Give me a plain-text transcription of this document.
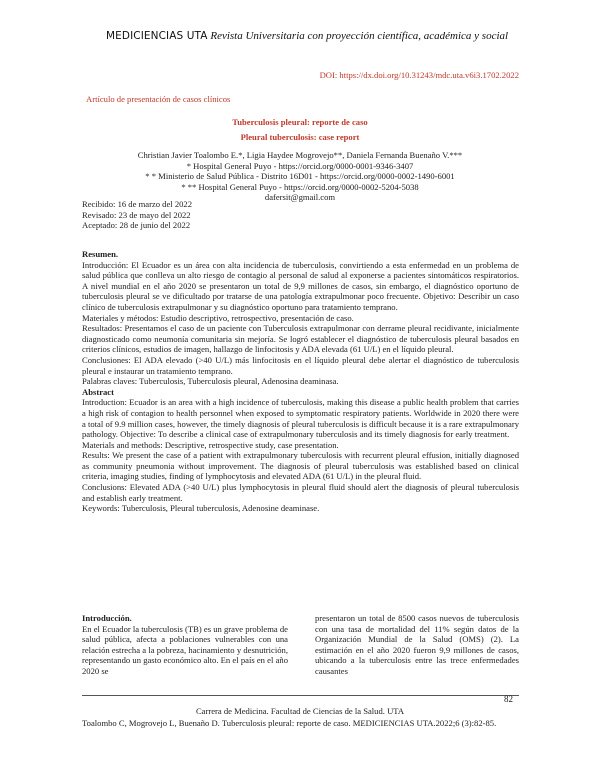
MEDICIENCIAS UTA Revista Universitaria con proyección científica, académica y social
DOI: https://dx.doi.org/10.31243/mdc.uta.v6i3.1702.2022
Artículo de presentación de casos clínicos
Tuberculosis pleural: reporte de caso
Pleural tuberculosis: case report
Christian Javier Toalombo E.*, Ligia Haydee Mogrovejo**, Daniela Fernanda Buenaño V.***
* Hospital General Puyo - https://orcid.org/0000-0001-9346-3407
* * Ministerio de Salud Pública - Distrito 16D01 - https://orcid.org/0000-0002-1490-6001
* ** Hospital General Puyo - https://orcid.org/0000-0002-5204-5038
dafersit@gmail.com
Recibido: 16 de marzo del 2022
Revisado: 23 de mayo del 2022
Aceptado: 28 de junio del 2022

Resumen.

Introducción: El Ecuador es un área con alta incidencia de tuberculosis, convirtiendo a esta enfermedad en un problema de salud pública que conlleva un alto riesgo de contagio al personal de salud al exponerse a pacientes sintomáticos respiratorios. A nivel mundial en el año 2020 se presentaron un total de 9,9 millones de casos, sin embargo, el diagnóstico oportuno de tuberculosis pleural se ve dificultado por tratarse de una patología extrapulmonar poco frecuente. Objetivo: Describir un caso clínico de tuberculosis extrapulmonar y su diagnóstico oportuno para tratamiento temprano.

Materiales y métodos: Estudio descriptivo, retrospectivo, presentación de caso.

Resultados: Presentamos el caso de un paciente con Tuberculosis extrapulmonar con derrame pleural recidivante, inicialmente diagnosticado como neumonía comunitaria sin mejoría. Se logró establecer el diagnóstico de tuberculosis pleural basados en criterios clínicos, estudios de imagen, hallazgo de linfocitosis y ADA elevada (61 U/L) en el líquido pleural.

Conclusiones: El ADA elevado (>40 U/L) más linfocitosis en el líquido pleural debe alertar el diagnóstico de tuberculosis pleural e instaurar un tratamiento temprano.

Palabras claves: Tuberculosis, Tuberculosis pleural, Adenosina deaminasa.

Abstract

Introduction: Ecuador is an area with a high incidence of tuberculosis, making this disease a public health problem that carries a high risk of contagion to health personnel when exposed to symptomatic respiratory patients. Worldwide in 2020 there were a total of 9.9 million cases, however, the timely diagnosis of pleural tuberculosis is difficult because it is a rare extrapulmonary pathology. Objective: To describe a clinical case of extrapulmonary tuberculosis and its timely diagnosis for early treatment.

Materials and methods: Descriptive, retrospective study, case presentation.

Results: We present the case of a patient with extrapulmonary tuberculosis with recurrent pleural effusion, initially diagnosed as community pneumonia without improvement. The diagnosis of pleural tuberculosis was established based on clinical criteria, imaging studies, finding of lymphocytosis and elevated ADA (61 U/L) in the pleural fluid.

Conclusions: Elevated ADA (>40 U/L) plus lymphocytosis in pleural fluid should alert the diagnosis of pleural tuberculosis and establish early treatment.

Keywords: Tuberculosis, Pleural tuberculosis, Adenosine deaminase.

Introducción.

En el Ecuador la tuberculosis (TB) es un grave problema de salud pública, afecta a poblaciones vulnerables con una relación estrecha a la pobreza, hacinamiento y desnutrición, representando un gasto económico alto. En el país en el año 2020 se

presentaron un total de 8500 casos nuevos de tuberculosis con una tasa de mortalidad del 11% según datos de la Organización Mundial de la Salud (OMS) (2). La estimación en el año 2020 fueron 9,9 millones de casos, ubicando a la tuberculosis entre las trece enfermedades causantes

82
Carrera de Medicina. Facultad de Ciencias de la Salud. UTA
Toalombo C, Mogrovejo L, Buenaño D. Tuberculosis pleural: reporte de caso. MEDICIENCIAS UTA.2022;6 (3):82-85.
